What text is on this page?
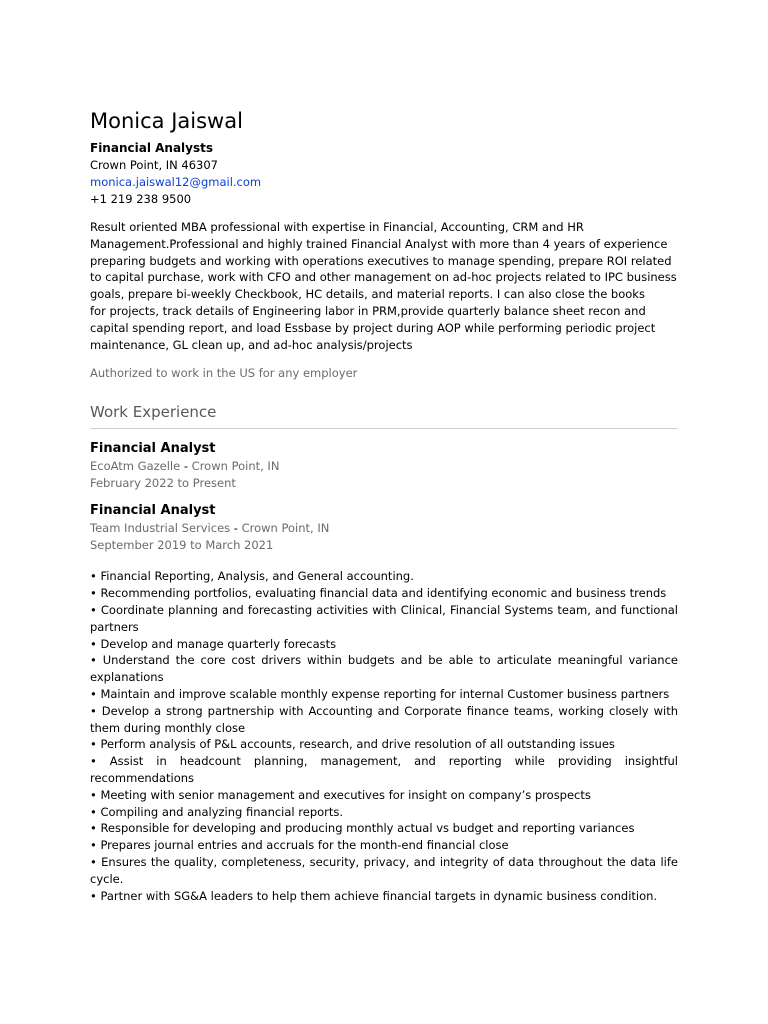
Monica Jaiswal
Financial Analysts
Crown Point, IN 46307
monica.jaiswal12@gmail.com
+1 219 238 9500
Result oriented MBA professional with expertise in Financial, Accounting, CRM and HR
Management.Professional and highly trained Financial Analyst with more than 4 years of experience
preparing budgets and working with operations executives to manage spending, prepare ROI related
to capital purchase, work with CFO and other management on ad-hoc projects related to IPC business
goals, prepare bi-weekly Checkbook, HC details, and material reports. I can also close the books
for projects, track details of Engineering labor in PRM,provide quarterly balance sheet recon and
capital spending report, and load Essbase by project during AOP while performing periodic project
maintenance, GL clean up, and ad-hoc analysis/projects
Authorized to work in the US for any employer
Work Experience
Financial Analyst
EcoAtm Gazelle - Crown Point, IN
February 2022 to Present
Financial Analyst
Team Industrial Services - Crown Point, IN
September 2019 to March 2021
• Financial Reporting, Analysis, and General accounting.
• Recommending portfolios, evaluating financial data and identifying economic and business trends
• Coordinate planning and forecasting activities with Clinical, Financial Systems team, and functional partners
• Develop and manage quarterly forecasts
• Understand the core cost drivers within budgets and be able to articulate meaningful variance explanations
• Maintain and improve scalable monthly expense reporting for internal Customer business partners
• Develop a strong partnership with Accounting and Corporate finance teams, working closely with them during monthly close
• Perform analysis of P&L accounts, research, and drive resolution of all outstanding issues
• Assist in headcount planning, management, and reporting while providing insightful recommendations
• Meeting with senior management and executives for insight on company’s prospects
• Compiling and analyzing financial reports.
• Responsible for developing and producing monthly actual vs budget and reporting variances
• Prepares journal entries and accruals for the month-end financial close
• Ensures the quality, completeness, security, privacy, and integrity of data throughout the data life cycle.
• Partner with SG&A leaders to help them achieve financial targets in dynamic business condition.
